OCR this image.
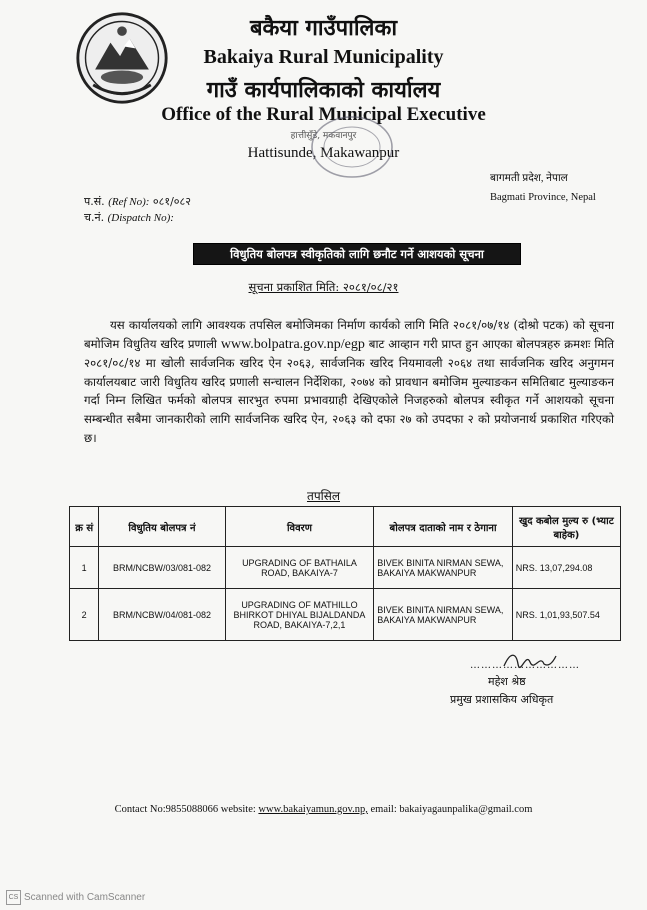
बकैया गाउँपालिका
Bakaiya Rural Municipality
गाउँ कार्यपालिकाको कार्यालय
Office of the Rural Municipal Executive
हात्तीसुँडे, मकवानपुर
Hattisunde, Makawanpur
प.सं. (Ref No): ०८१/०८२
च.नं. (Dispatch No):
बागमती प्रदेश, नेपाल
Bagmati Province, Nepal
विधुतिय बोलपत्र स्वीकृतिको लागि छनौट गर्ने आशयको सूचना
सूचना प्रकाशित मिति: २०८१/०८/२१
यस कार्यालयको लागि आवश्यक तपसिल बमोजिमका निर्माण कार्यको लागि मिति २०८१/०७/१४ (दोश्रो पटक) को सूचना बमोजिम विधुतिय खरिद प्रणाली www.bolpatra.gov.np/egp बाट आव्हान गरी प्राप्त हुन आएका बोलपत्रहरु क्रमशः मिति २०८१/०८/१४ मा खोली सार्वजनिक खरिद ऐन २०६३, सार्वजनिक खरिद नियमावली २०६४ तथा सार्वजनिक खरिद अनुगमन कार्यालयबाट जारी विधुतिय खरिद प्रणाली सन्चालन निर्देशिका, २०७४ को प्रावधान बमोजिम मुल्याङकन समितिबाट मुल्याङकन गर्दा निम्न लिखित फर्मको बोलपत्र सारभुत रुपमा प्रभावग्राही देखिएकोले निजहरुको बोलपत्र स्वीकृत गर्ने आशयको सूचना सम्बन्धीत सबैमा जानकारीको लागि सार्वजनिक खरिद ऐन, २०६३ को दफा २७ को उपदफा २ को प्रयोजनार्थ प्रकाशित गरिएको छ।
तपसिल
क्र सं	विधुतिय बोलपत्र नं	विवरण	बोलपत्र दाताको नाम र ठेगाना	खुद कबोल मुल्य रु (भ्याट बाहेक)
1	BRM/NCBW/03/081-082	UPGRADING OF BATHAILA ROAD, BAKAIYA-7	BIVEK BINITA NIRMAN SEWA, BAKAIYA MAKWANPUR	NRS. 13,07,294.08
2	BRM/NCBW/04/081-082	UPGRADING OF MATHILLO BHIRKOT DHIYAL BIJALDANDA ROAD, BAKAIYA-7,2,1	BIVEK BINITA NIRMAN SEWA, BAKAIYA MAKWANPUR	NRS. 1,01,93,507.54
…………………………
महेश श्रेष्ठ
प्रमुख प्रशासकिय अधिकृत
Contact No:9855088066 website: www.bakaiyamun.gov.np, email: bakaiyagaunpalika@gmail.com
CS Scanned with CamScanner
